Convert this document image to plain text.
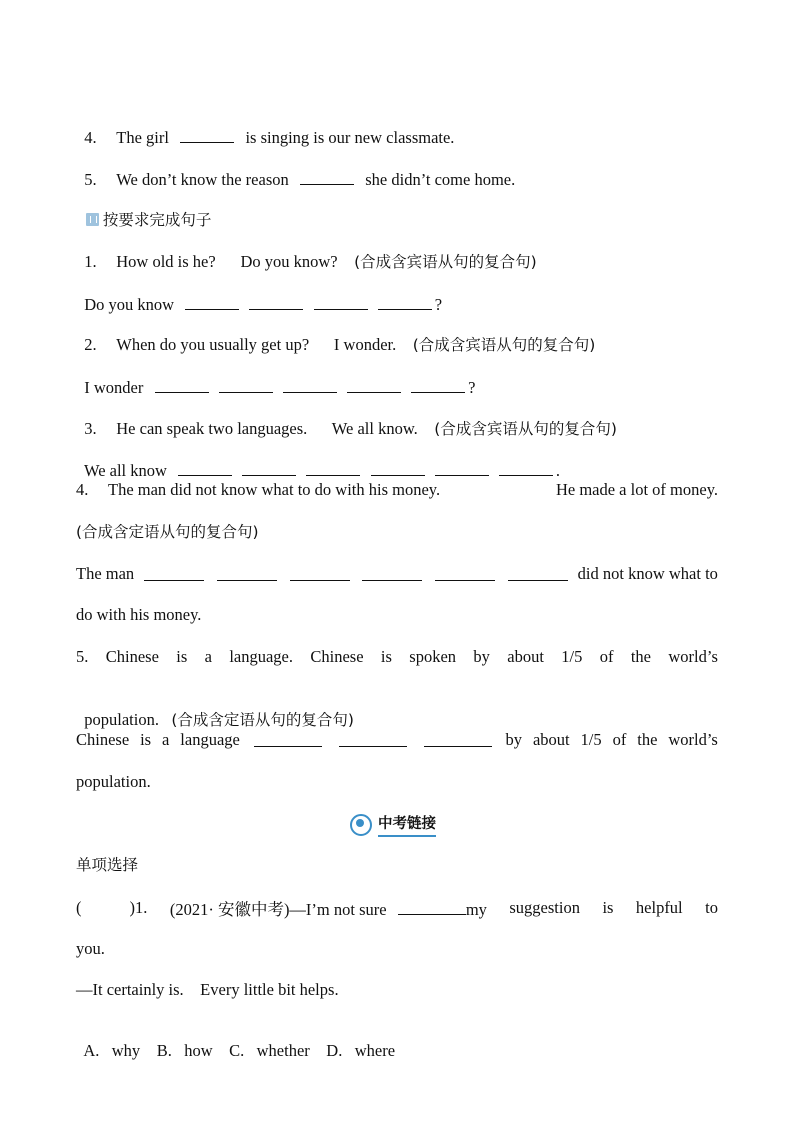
4. The girl	is singing is our new classmate.

5. We don’t know the reason	she didn’t come home.

按要求完成句子

1. How old is he?      Do you know? (合成含宾语从句的复合句)

Do you know	?

2. When do you usually get up?      I wonder. (合成含宾语从句的复合句)

I wonder	?

3. He can speak two languages.      We all know. (合成含宾语从句的复合句)

We all know	.

4. The man did not know what to do with his money.	He made a lot of money.
(合成含定语从句的复合句)
The man	did not know what to
do with his money.
5. Chinese is a language. Chinese is spoken by about 1/5 of the world’s

population. (合成含定语从句的复合句)

Chinese is a language	by about 1/5 of the world’s
population.
中考链接
单项选择
(	)1. (2021· 安徽中考)—I’m not sure	my suggestion is helpful to
you.
—It certainly is.    Every little bit helps.

A. why B. how C. whether D. where
